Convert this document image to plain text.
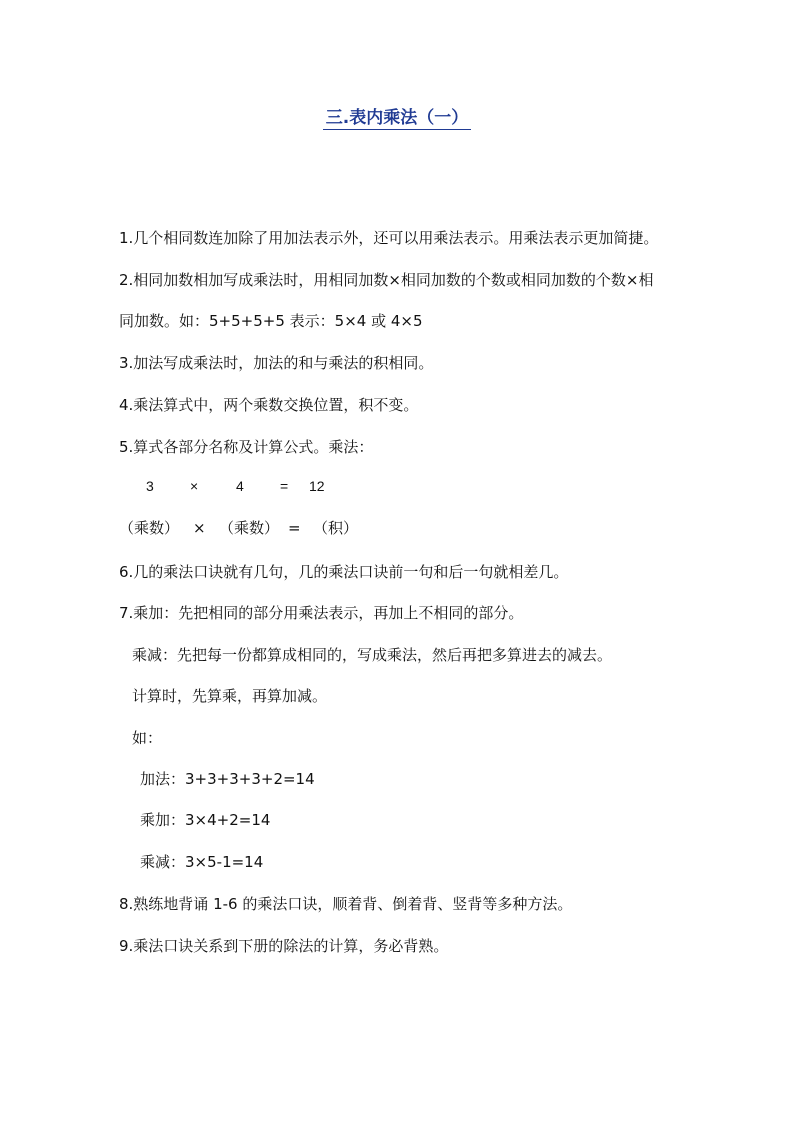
三.表内乘法（一）
1.几个相同数连加除了用加法表示外，还可以用乘法表示。用乘法表示更加简捷。
2.相同加数相加写成乘法时，用相同加数×相同加数的个数或相同加数的个数×相
同加数。如：5+5+5+5 表示：5×4 或 4×5
3.加法写成乘法时，加法的和与乘法的积相同。
4.乘法算式中，两个乘数交换位置，积不变。
5.算式各部分名称及计算公式。乘法：
3	×	4	= 12
（乘数） × （乘数） = （积）
6.几的乘法口诀就有几句，几的乘法口诀前一句和后一句就相差几。
7.乘加：先把相同的部分用乘法表示，再加上不相同的部分。
乘减：先把每一份都算成相同的，写成乘法，然后再把多算进去的减去。
计算时，先算乘，再算加减。
如：
加法：3+3+3+3+2=14
乘加：3×4+2=14
乘减：3×5-1=14
8.熟练地背诵 1-6 的乘法口诀，顺着背、倒着背、竖背等多种方法。
9.乘法口诀关系到下册的除法的计算，务必背熟。
